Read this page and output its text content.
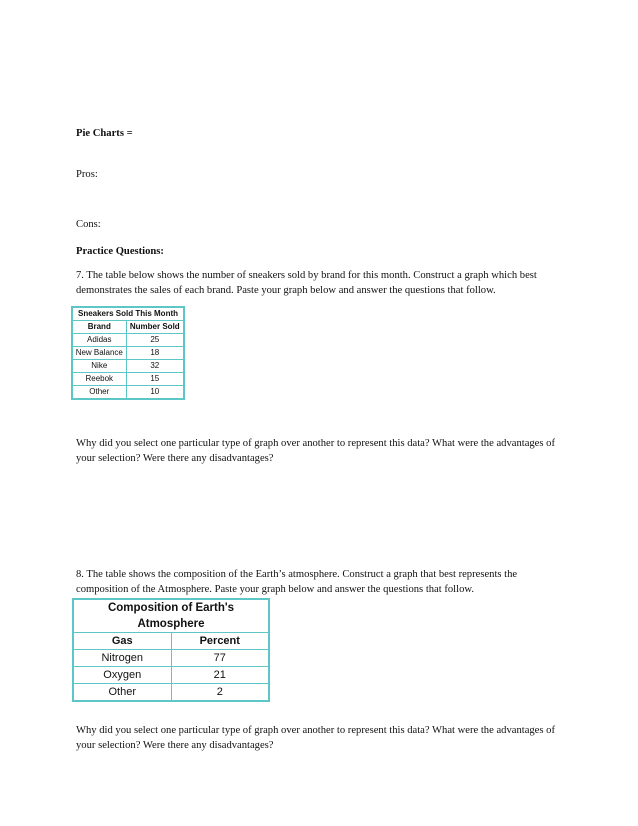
Pie Charts =
Pros:
Cons:
Practice Questions:
7. The table below shows the number of sneakers sold by brand for this month. Construct a graph which best demonstrates the sales of each brand. Paste your graph below and answer the questions that follow.
Sneakers Sold This Month	
Brand	Number Sold
Adidas	25
New Balance	18
Nike	32
Reebok	15
Other	10
Why did you select one particular type of graph over another to represent this data? What were the advantages of your selection? Were there any disadvantages?
8. The table shows the composition of the Earth’s atmosphere. Construct a graph that best represents the composition of the Atmosphere. Paste your graph below and answer the questions that follow.
Composition of Earth's Atmosphere	
Gas	Percent
Nitrogen	77
Oxygen	21
Other	2
Why did you select one particular type of graph over another to represent this data? What were the advantages of your selection? Were there any disadvantages?
